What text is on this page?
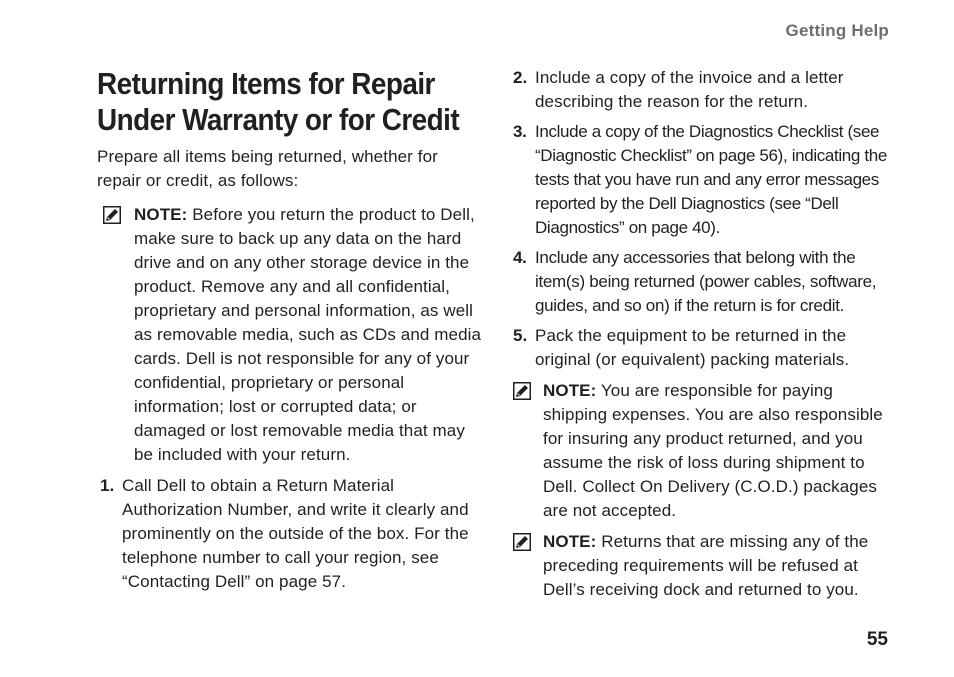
Getting Help
Returning Items for Repair
Under Warranty or for Credit

Prepare all items being returned, whether for repair or credit, as follows:

NOTE: Before you return the product to Dell, make sure to back up any data on the hard drive and on any other storage device in the product. Remove any and all confidential, proprietary and personal information, as well as removable media, such as CDs and media cards. Dell is not responsible for any of your confidential, proprietary or personal information; lost or corrupted data; or damaged or lost removable media that may be included with your return.
1. Call Dell to obtain a Return Material Authorization Number, and write it clearly and prominently on the outside of the box. For the telephone number to call your region, see “Contacting Dell” on page 57.
2. Include a copy of the invoice and a letter describing the reason for the return.
3. Include a copy of the Diagnostics Checklist (see “Diagnostic Checklist” on page 56), indicating the tests that you have run and any error messages reported by the Dell Diagnostics (see “Dell Diagnostics” on page 40).
4. Include any accessories that belong with the item(s) being returned (power cables, software, guides, and so on) if the return is for credit.
5. Pack the equipment to be returned in the original (or equivalent) packing materials.
NOTE: You are responsible for paying shipping expenses. You are also responsible for insuring any product returned, and you assume the risk of loss during shipment to Dell. Collect On Delivery (C.O.D.) packages are not accepted.
NOTE: Returns that are missing any of the preceding requirements will be refused at Dell’s receiving dock and returned to you.
55
